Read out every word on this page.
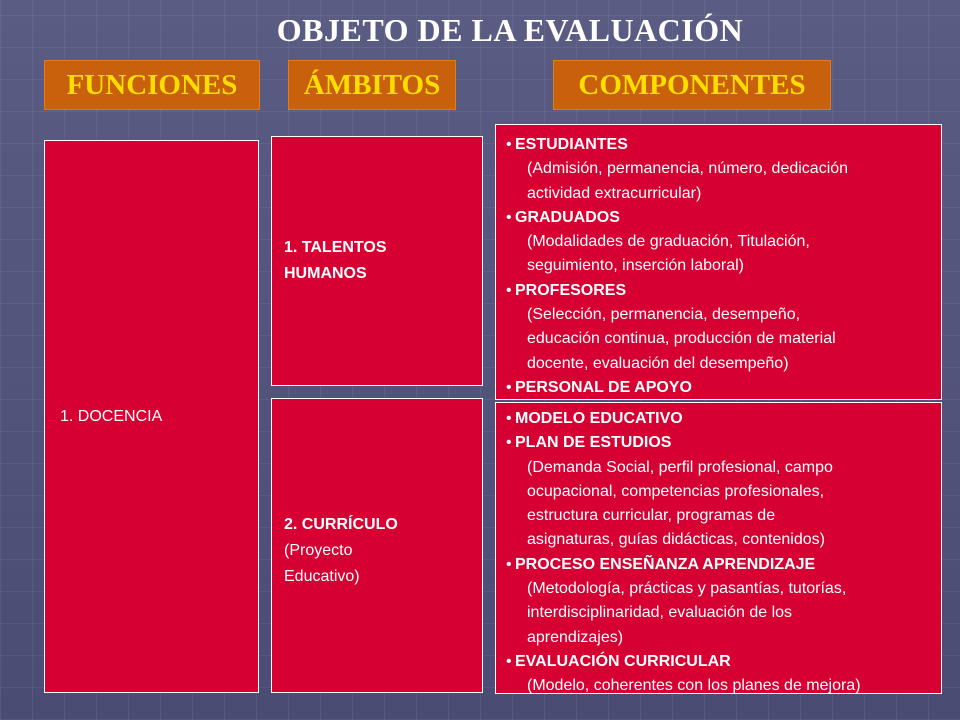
OBJETO DE LA EVALUACIÓN
FUNCIONES	ÁMBITOS	COMPONENTES
1. DOCENCIA
1. TALENTOS
HUMANOS
2. CURRÍCULO
(Proyecto
Educativo)
• ESTUDIANTES
(Admisión, permanencia, número, dedicación
actividad extracurricular)
• GRADUADOS
(Modalidades de graduación, Titulación,
seguimiento, inserción laboral)
• PROFESORES
(Selección, permanencia, desempeño,
educación continua, producción de material
docente, evaluación del desempeño)
• PERSONAL DE APOYO
• MODELO EDUCATIVO
• PLAN DE ESTUDIOS
(Demanda Social, perfil profesional, campo
ocupacional, competencias profesionales,
estructura curricular, programas de
asignaturas, guías didácticas, contenidos)
• PROCESO ENSEÑANZA APRENDIZAJE
(Metodología, prácticas y pasantías, tutorías,
interdisciplinaridad, evaluación de los
aprendizajes)
• EVALUACIÓN CURRICULAR
(Modelo, coherentes con los planes de mejora)
